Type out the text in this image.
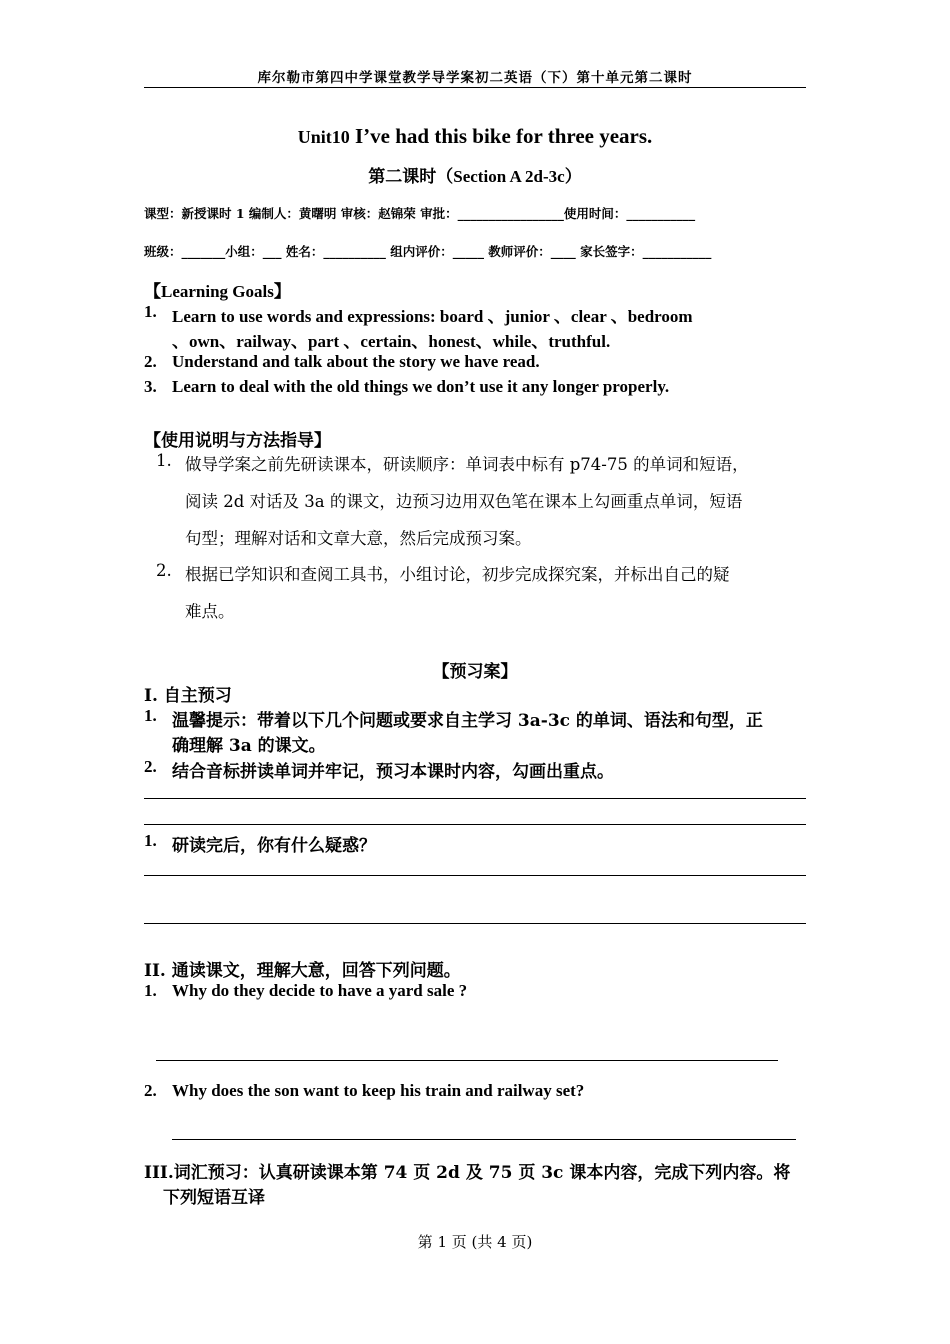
库尔勒市第四中学课堂教学导学案初二英语（下）第十单元第二课时
Unit10 I’ve had this bike for three years.
第二课时（Section A 2d-3c）
课型：新授课时 1 编制人：黄曙明 审核：赵锦荣 审批：_________________使用时间：___________
班级：_______小组：___ 姓名：__________ 组内评价：_____ 教师评价：____ 家长签字：___________
【Learning Goals】
1. Learn to use words and expressions: board 、junior 、clear 、bedroom
、own、railway、part 、certain、honest、while、truthful.
2. Understand and talk about the story we have read.
3. Learn to deal with the old things we don’t use it any longer properly.
【使用说明与方法指导】
1. 做导学案之前先研读课本，研读顺序：单词表中标有 p74-75 的单词和短语，
阅读 2d 对话及 3a 的课文，边预习边用双色笔在课本上勾画重点单词，短语
句型；理解对话和文章大意，然后完成预习案。
2. 根据已学知识和查阅工具书，小组讨论，初步完成探究案，并标出自己的疑
难点。
【预习案】
I. 自主预习
1. 温馨提示：带着以下几个问题或要求自主学习 3a-3c 的单词、语法和句型，正
确理解 3a 的课文。
2. 结合音标拼读单词并牢记，预习本课时内容，勾画出重点。
1. 研读完后，你有什么疑惑？
II. 通读课文，理解大意，回答下列问题。
1. Why do they decide to have a yard sale ?
2. Why does the son want to keep his train and railway set?
III.词汇预习：认真研读课本第 74 页 2d 及 75 页 3c 课本内容，完成下列内容。将
下列短语互译
第 1 页 (共 4 页)
